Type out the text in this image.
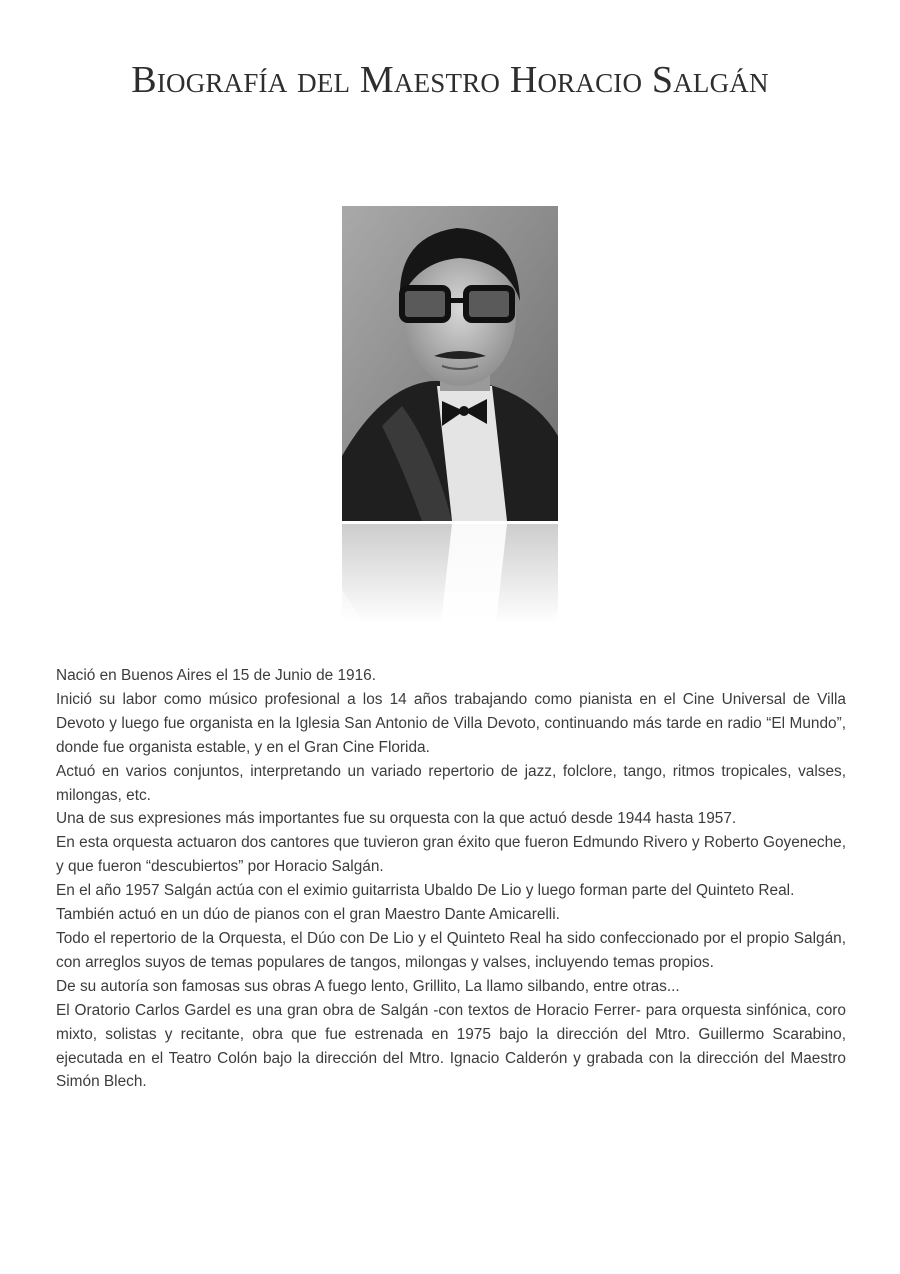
Biografía del Maestro Horacio Salgán

Nació en Buenos Aires el 15 de Junio de 1916.

Inició su labor como músico profesional a los 14 años trabajando como pianista en el Cine Universal de Villa Devoto y luego fue organista en la Iglesia San Antonio de Villa Devoto, continuando más tarde en radio “El Mundo”, donde fue organista estable, y en el Gran Cine Florida.

Actuó en varios conjuntos, interpretando un variado repertorio de jazz, folclore, tango, ritmos tropicales, valses, milongas, etc.

Una de sus expresiones más importantes fue su orquesta con la que actuó desde 1944 hasta 1957.

En esta orquesta actuaron dos cantores que tuvieron gran éxito que fueron Edmundo Rivero y Roberto Goyeneche, y que fueron “descubiertos” por Horacio Salgán.

En el año 1957 Salgán actúa con el eximio guitarrista Ubaldo De Lio y luego forman parte del Quinteto Real.

También actuó en un dúo de pianos con el gran Maestro Dante Amicarelli.

Todo el repertorio de la Orquesta, el Dúo con De Lio y el Quinteto Real ha sido confeccionado por el propio Salgán, con arreglos suyos de temas populares de tangos, milongas y valses, incluyendo temas propios.

De su autoría son famosas sus obras A fuego lento, Grillito, La llamo silbando, entre otras...

El Oratorio Carlos Gardel es una gran obra de Salgán -con textos de Horacio Ferrer- para orquesta sinfónica, coro mixto, solistas y recitante, obra que fue estrenada en 1975 bajo la dirección del Mtro. Guillermo Scarabino, ejecutada en el Teatro Colón bajo la dirección del Mtro. Ignacio Calderón y grabada con la dirección del Maestro Simón Blech.
